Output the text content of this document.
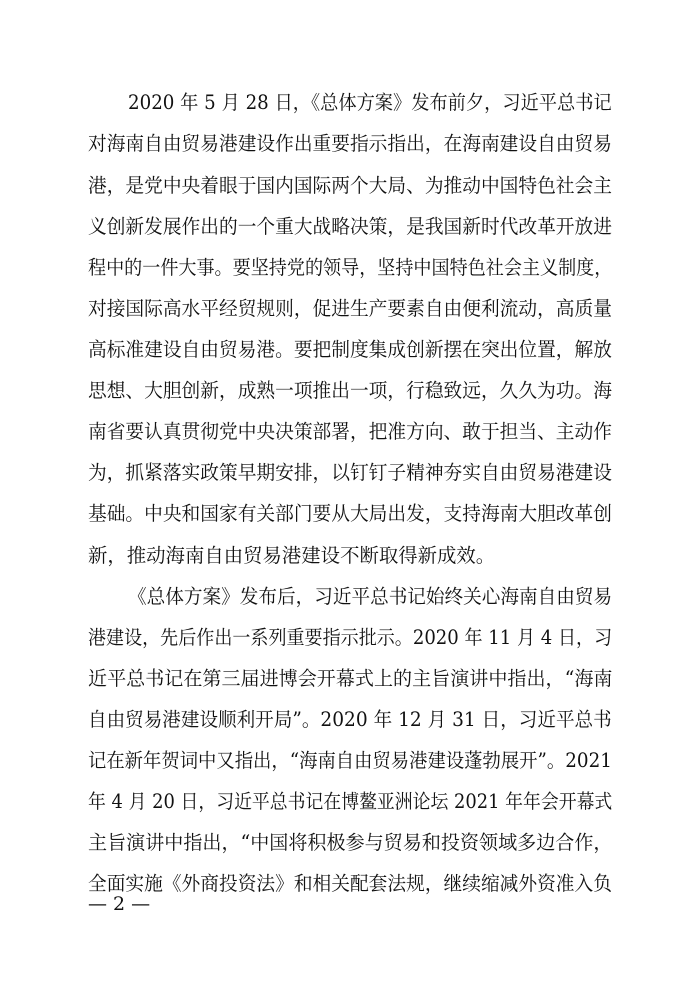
2020 年 5 月 28 日，《总体方案》发布前夕，习近平总书记
对海南自由贸易港建设作出重要指示指出，在海南建设自由贸易
港，是党中央着眼于国内国际两个大局、为推动中国特色社会主
义创新发展作出的一个重大战略决策，是我国新时代改革开放进
程中的一件大事。要坚持党的领导，坚持中国特色社会主义制度，
对接国际高水平经贸规则，促进生产要素自由便利流动，高质量
高标准建设自由贸易港。要把制度集成创新摆在突出位置，解放
思想、大胆创新，成熟一项推出一项，行稳致远，久久为功。海
南省要认真贯彻党中央决策部署，把准方向、敢于担当、主动作
为，抓紧落实政策早期安排，以钉钉子精神夯实自由贸易港建设
基础。中央和国家有关部门要从大局出发，支持海南大胆改革创
新，推动海南自由贸易港建设不断取得新成效。
《总体方案》发布后，习近平总书记始终关心海南自由贸易
港建设，先后作出一系列重要指示批示。2020 年 11 月 4 日，习
近平总书记在第三届进博会开幕式上的主旨演讲中指出，“海南
自由贸易港建设顺利开局”。2020 年 12 月 31 日，习近平总书
记在新年贺词中又指出，“海南自由贸易港建设蓬勃展开”。2021
年 4 月 20 日，习近平总书记在博鳌亚洲论坛 2021 年年会开幕式
主旨演讲中指出，“中国将积极参与贸易和投资领域多边合作，
全面实施《外商投资法》和相关配套法规，继续缩减外资准入负
— 2 —
